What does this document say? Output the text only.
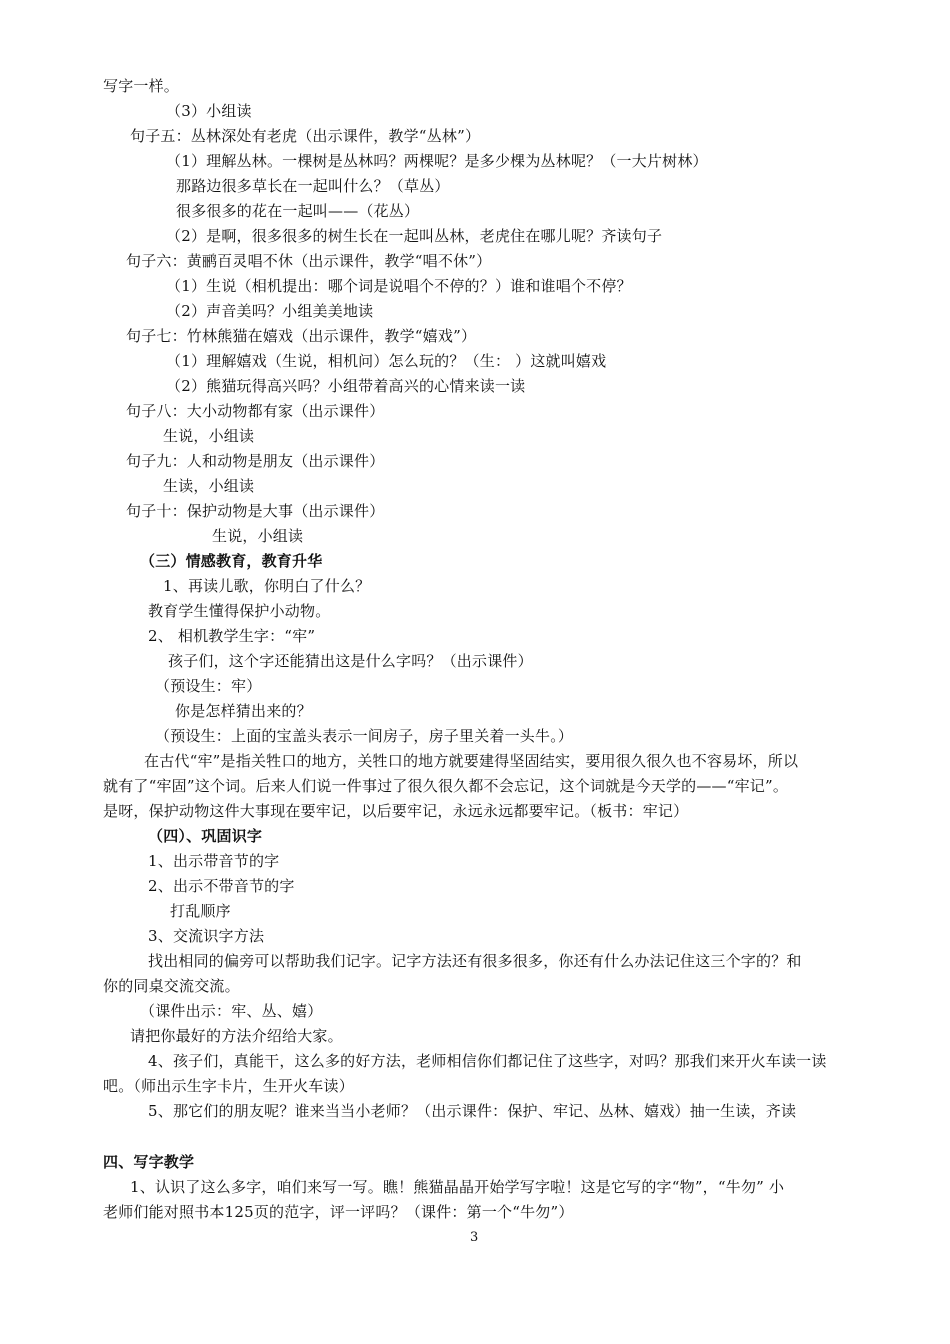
写字一样。
（3）小组读
句子五：丛林深处有老虎（出示课件，教学“丛林”）
（1）理解丛林。一棵树是丛林吗？两棵呢？是多少棵为丛林呢？（一大片树林）
那路边很多草长在一起叫什么？（草丛）
很多很多的花在一起叫——（花丛）
（2）是啊，很多很多的树生长在一起叫丛林，老虎住在哪儿呢？齐读句子
句子六：黄鹂百灵唱不休（出示课件，教学“唱不休”）
（1）生说（相机提出：哪个词是说唱个不停的？）谁和谁唱个不停？
（2）声音美吗？小组美美地读
句子七：竹林熊猫在嬉戏（出示课件，教学“嬉戏”）
（1）理解嬉戏（生说，相机问）怎么玩的？（生： ）这就叫嬉戏
（2）熊猫玩得高兴吗？小组带着高兴的心情来读一读
句子八：大小动物都有家（出示课件）
生说，小组读
句子九：人和动物是朋友（出示课件）
生读，小组读
句子十：保护动物是大事（出示课件）
生说，小组读
（三）情感教育，教育升华
1、再读儿歌，你明白了什么？
教育学生懂得保护小动物。
2、 相机教学生字：“牢”
孩子们，这个字还能猜出这是什么字吗？（出示课件）
（预设生：牢）
你是怎样猜出来的？
（预设生：上面的宝盖头表示一间房子，房子里关着一头牛。）
在古代“牢”是指关牲口的地方，关牲口的地方就要建得坚固结实，要用很久很久也不容易坏，所以
就有了“牢固”这个词。后来人们说一件事过了很久很久都不会忘记，这个词就是今天学的——“牢记”。
是呀，保护动物这件大事现在要牢记，以后要牢记，永远永远都要牢记。（板书：牢记）
（四）、巩固识字
1、出示带音节的字
2、出示不带音节的字
打乱顺序
3、交流识字方法
找出相同的偏旁可以帮助我们记字。记字方法还有很多很多，你还有什么办法记住这三个字的？和
你的同桌交流交流。
（课件出示：牢、丛、嬉）
请把你最好的方法介绍给大家。
4、孩子们，真能干，这么多的好方法，老师相信你们都记住了这些字，对吗？那我们来开火车读一读
吧。（师出示生字卡片，生开火车读）
5、那它们的朋友呢？谁来当当小老师？（出示课件：保护、牢记、丛林、嬉戏）抽一生读，齐读
四、写字教学
1、认识了这么多字，咱们来写一写。瞧！熊猫晶晶开始学写字啦！这是它写的字“物”，“牛勿” 小
老师们能对照书本125页的范字，评一评吗？（课件：第一个“牛勿”）
3
